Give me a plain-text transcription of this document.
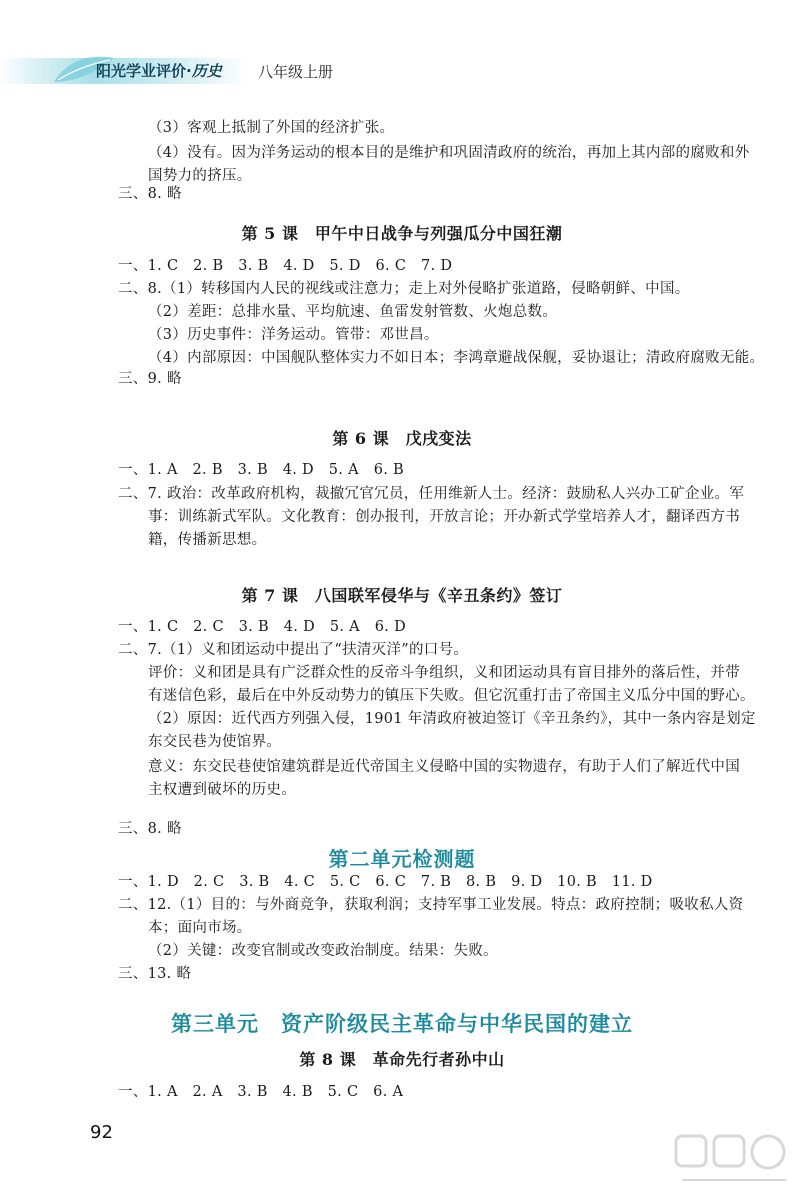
阳光学业评价·历史 八年级上册
（3）客观上抵制了外国的经济扩张。
（4）没有。因为洋务运动的根本目的是维护和巩固清政府的统治，再加上其内部的腐败和外
国势力的挤压。
三、8. 略
第 5 课　甲午中日战争与列强瓜分中国狂潮
一、1. C　2. B　3. B　4. D　5. D　6. C　7. D
二、8.（1）转移国内人民的视线或注意力；走上对外侵略扩张道路，侵略朝鲜、中国。
（2）差距：总排水量、平均航速、鱼雷发射管数、火炮总数。
（3）历史事件：洋务运动。管带：邓世昌。
（4）内部原因：中国舰队整体实力不如日本；李鸿章避战保舰，妥协退让；清政府腐败无能。
三、9. 略
第 6 课　戊戌变法
一、1. A　2. B　3. B　4. D　5. A　6. B
二、7. 政治：改革政府机构，裁撤冗官冗员，任用维新人士。经济：鼓励私人兴办工矿企业。军
事：训练新式军队。文化教育：创办报刊，开放言论；开办新式学堂培养人才，翻译西方书
籍，传播新思想。
第 7 课　八国联军侵华与《辛丑条约》签订
一、1. C　2. C　3. B　4. D　5. A　6. D
二、7.（1）义和团运动中提出了“扶清灭洋”的口号。
评价：义和团是具有广泛群众性的反帝斗争组织，义和团运动具有盲目排外的落后性，并带
有迷信色彩，最后在中外反动势力的镇压下失败。但它沉重打击了帝国主义瓜分中国的野心。
（2）原因：近代西方列强入侵，1901 年清政府被迫签订《辛丑条约》，其中一条内容是划定
东交民巷为使馆界。
意义：东交民巷使馆建筑群是近代帝国主义侵略中国的实物遗存，有助于人们了解近代中国
主权遭到破坏的历史。
三、8. 略
第二单元检测题
一、1. D　2. C　3. B　4. C　5. C　6. C　7. B　8. B　9. D　10. B　11. D
二、12.（1）目的：与外商竞争，获取利润；支持军事工业发展。特点：政府控制；吸收私人资
本；面向市场。
（2）关键：改变官制或改变政治制度。结果：失败。
三、13. 略
第三单元　资产阶级民主革命与中华民国的建立
第 8 课　革命先行者孙中山
一、1. A　2. A　3. B　4. B　5. C　6. A
92
